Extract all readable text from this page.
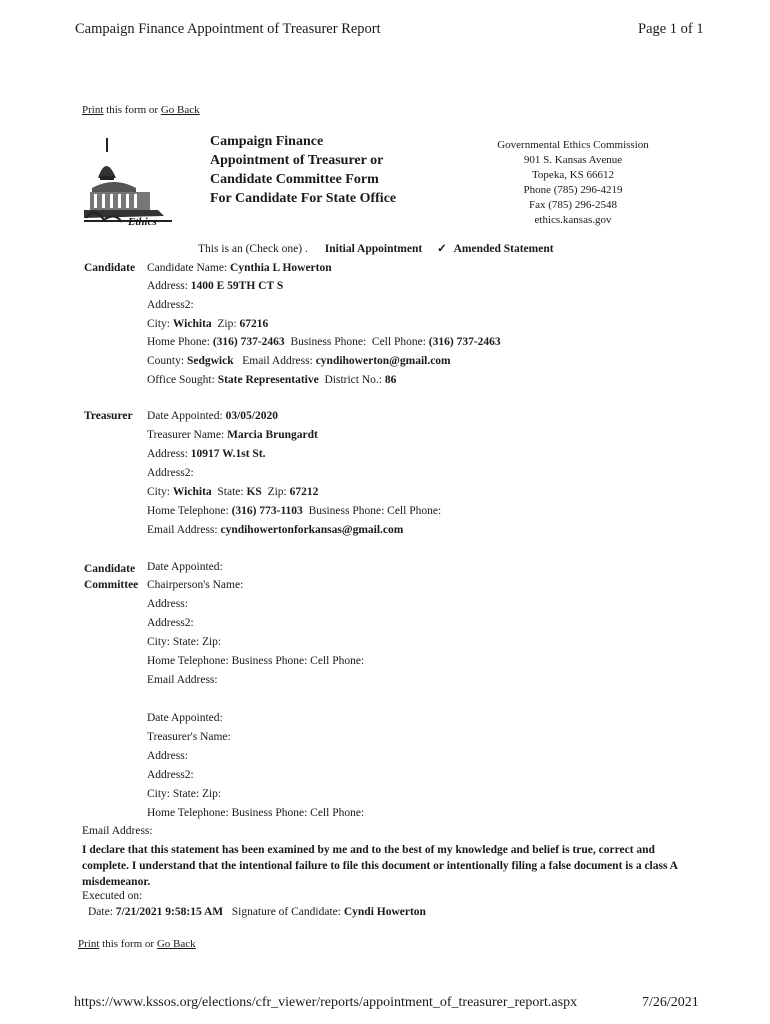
Campaign Finance Appointment of Treasurer Report	Page 1 of 1
Print this form or Go Back
Ethics
Campaign Finance
Appointment of Treasurer or
Candidate Committee Form
For Candidate For State Office
Governmental Ethics Commission
901 S. Kansas Avenue
Topeka, KS 66612
Phone (785) 296-4219
Fax (785) 296-2548
ethics.kansas.gov
This is an (Check one) . Initial Appointment ✓ Amended Statement
Candidate Candidate Name: Cynthia L Howerton
Address: 1400 E 59TH CT S
Address2:
City: Wichita Zip: 67216
Home Phone: (316) 737-2463 Business Phone: Cell Phone: (316) 737-2463
County: Sedgwick Email Address: cyndihowerton@gmail.com
Office Sought: State Representative District No.: 86
Treasurer Date Appointed: 03/05/2020
Treasurer Name: Marcia Brungardt
Address: 10917 W.1st St.
Address2:
City: Wichita State: KS Zip: 67212
Home Telephone: (316) 773-1103 Business Phone: Cell Phone:
Email Address: cyndihowertonforkansas@gmail.com
Candidate
Committee
Date Appointed:
Chairperson's Name:
Address:
Address2:
City: State: Zip:
Home Telephone: Business Phone: Cell Phone:
Email Address:
Date Appointed:
Treasurer's Name:
Address:
Address2:
City: State: Zip:
Home Telephone: Business Phone: Cell Phone:
Email Address:
I declare that this statement has been examined by me and to the best of my knowledge and belief is true, correct and complete. I understand that the intentional failure to file this document or intentionally filing a false document is a class A misdemeanor.
Executed on:
Date: 7/21/2021 9:58:15 AM Signature of Candidate: Cyndi Howerton
Print this form or Go Back
https://www.kssos.org/elections/cfr_viewer/reports/appointment_of_treasurer_report.aspx	7/26/2021
